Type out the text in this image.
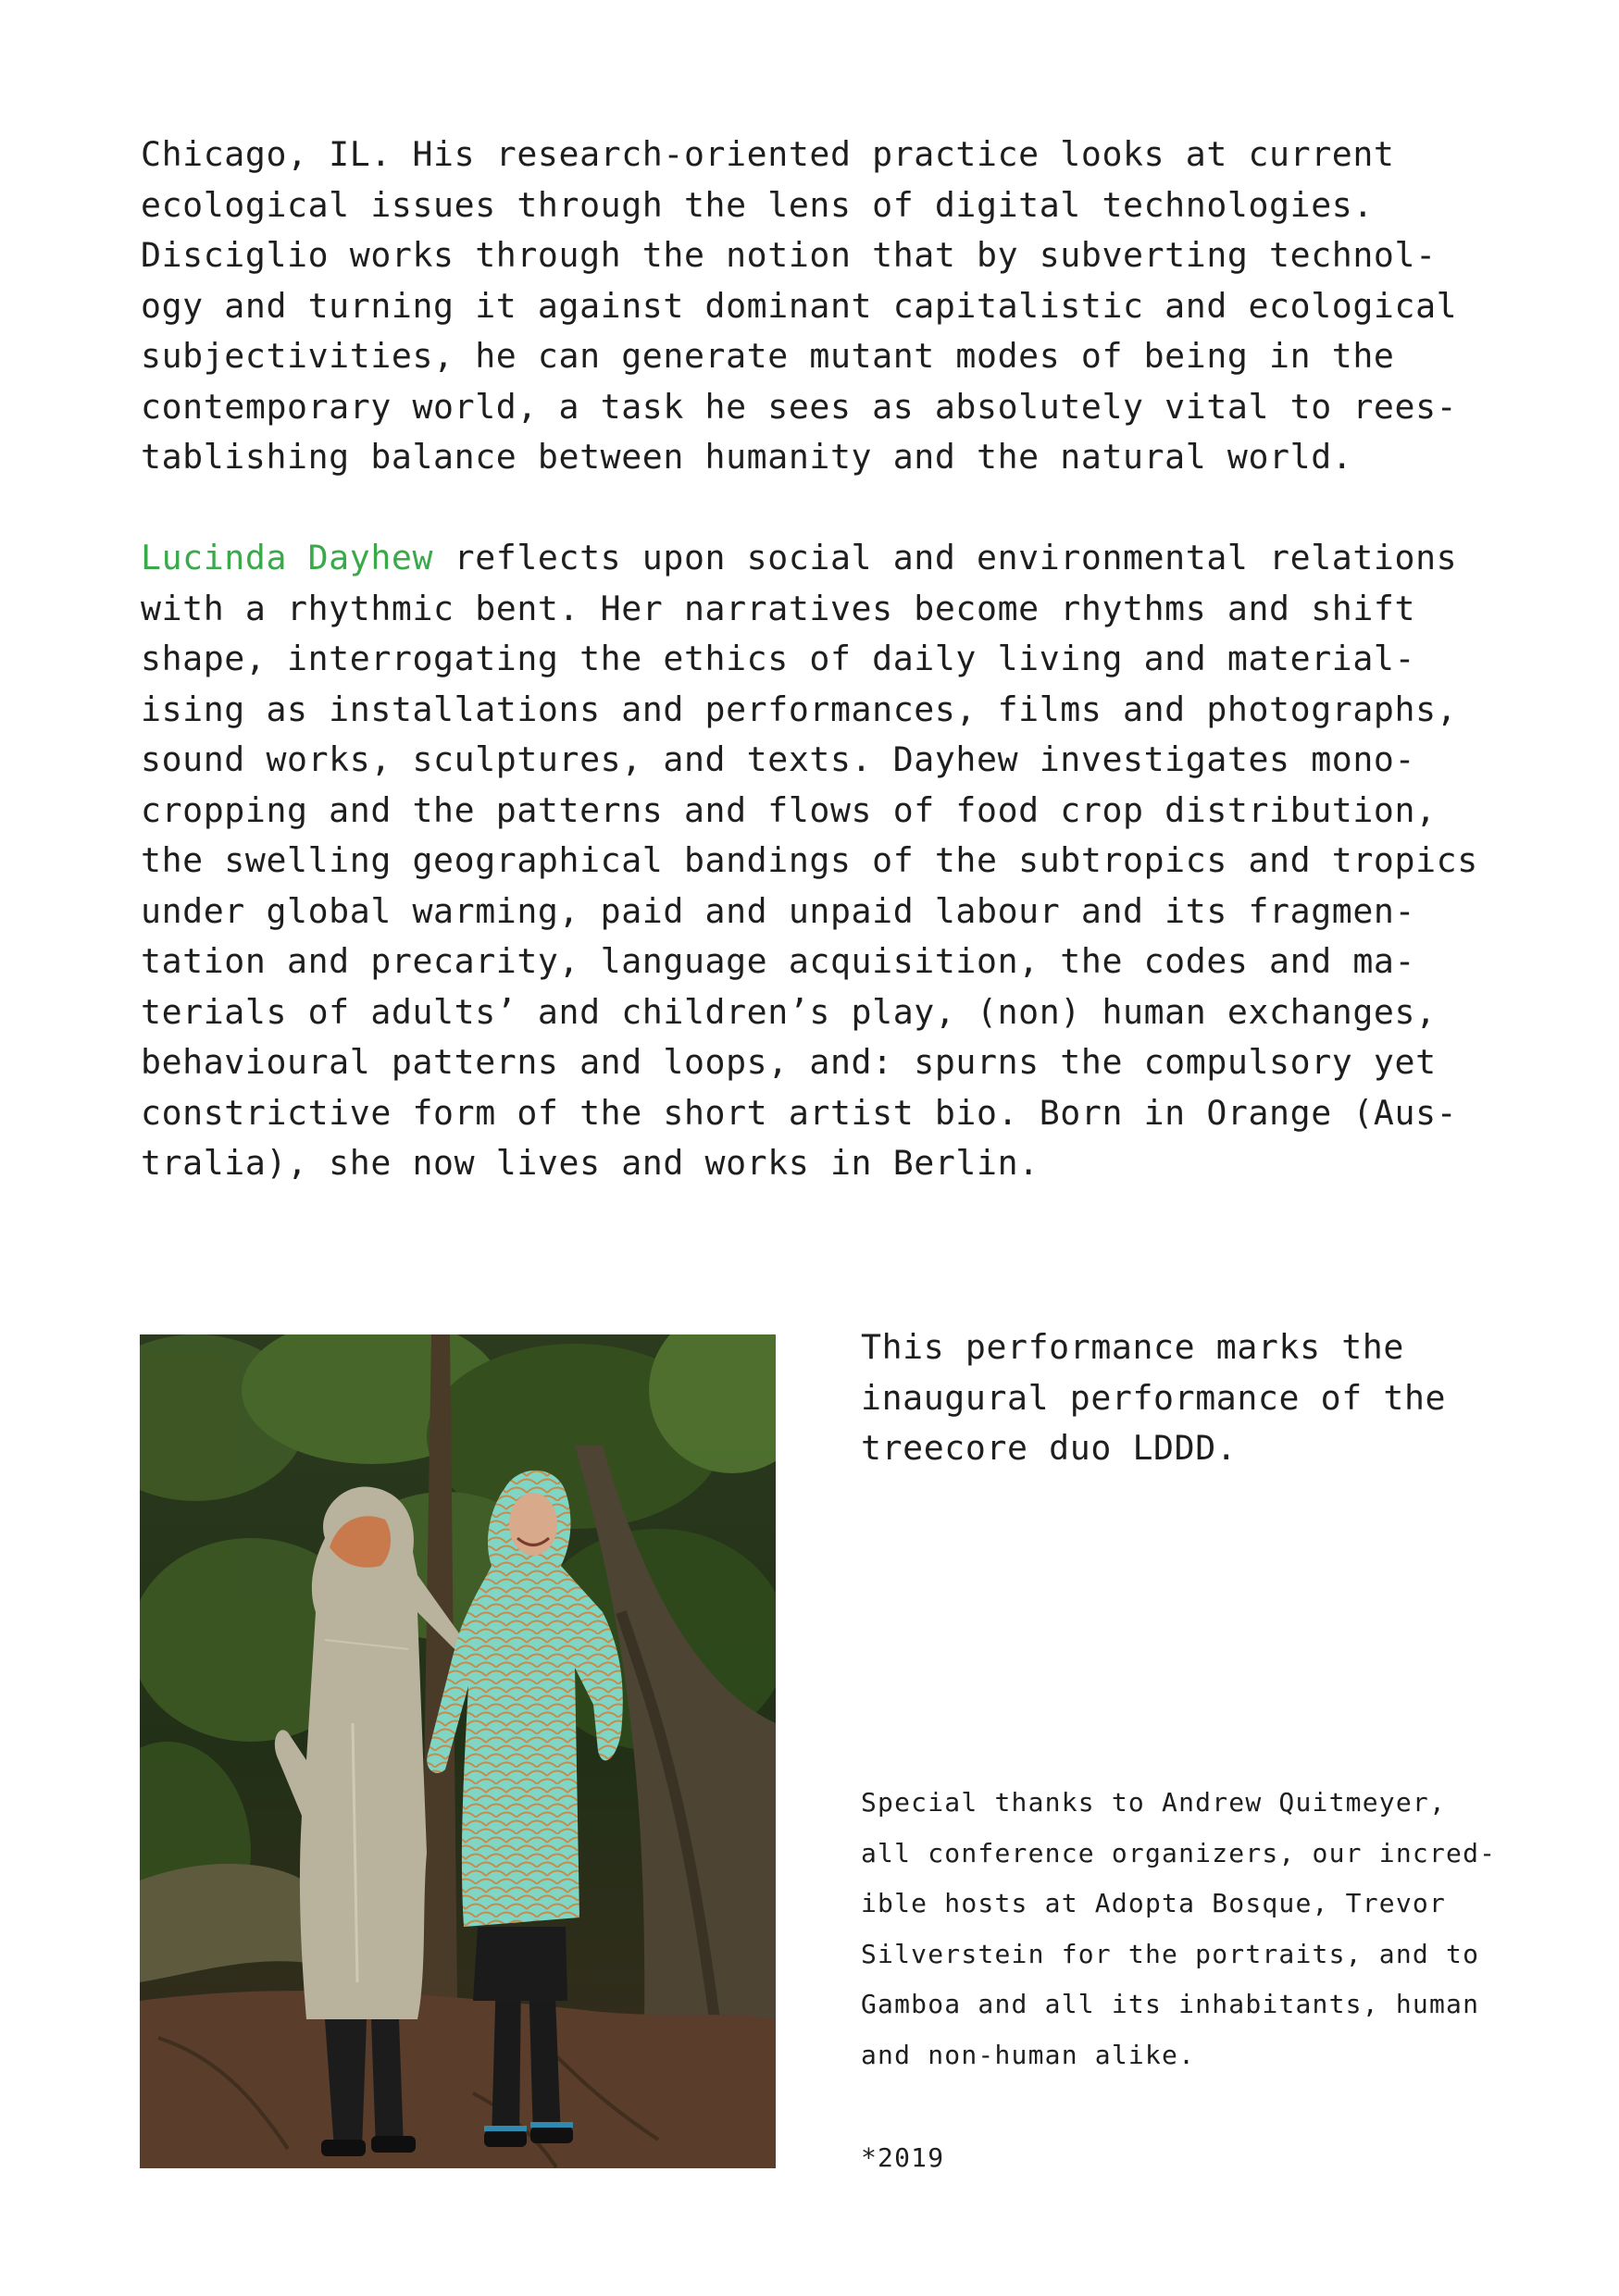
Chicago, IL. His research-oriented practice looks at current
ecological issues through the lens of digital technologies.
Disciglio works through the notion that by subverting technol-
ogy and turning it against dominant capitalistic and ecological
subjectivities, he can generate mutant modes of being in the
contemporary world, a task he sees as absolutely vital to rees-
tablishing balance between humanity and the natural world.
Lucinda Dayhew reflects upon social and environmental relations
with a rhythmic bent. Her narratives become rhythms and shift
shape, interrogating the ethics of daily living and material-
ising as installations and performances, films and photographs,
sound works, sculptures, and texts. Dayhew investigates mono-
cropping and the patterns and flows of food crop distribution,
the swelling geographical bandings of the subtropics and tropics
under global warming, paid and unpaid labour and its fragmen-
tation and precarity, language acquisition, the codes and ma-
terials of adults’ and children’s play, (non) human exchanges,
behavioural patterns and loops, and: spurns the compulsory yet
constrictive form of the short artist bio. Born in Orange (Aus-
tralia), she now lives and works in Berlin.
This performance marks the
inaugural performance of the
treecore duo LDDD.
Special thanks to Andrew Quitmeyer,
all conference organizers, our incred-
ible hosts at Adopta Bosque, Trevor
Silverstein for the portraits, and to
Gamboa and all its inhabitants, human
and non-human alike.
*2019
